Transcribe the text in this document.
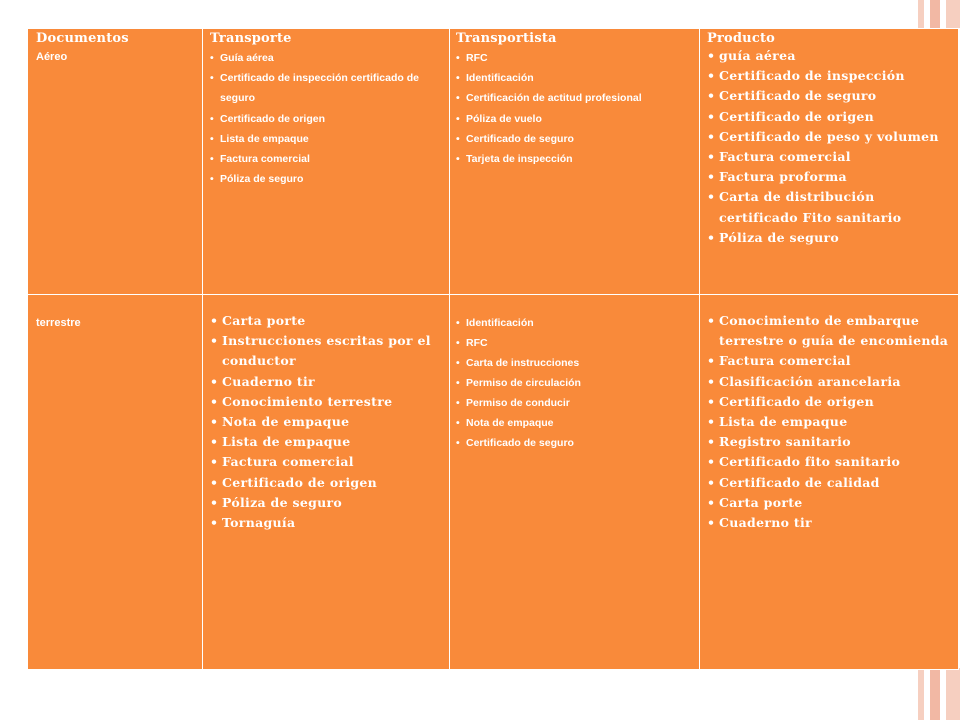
Documentos
Aéreo
Transporte
• Guía aérea
• Certificado de inspección certificado de seguro
• Certificado de origen
• Lista de empaque
• Factura comercial
• Póliza de seguro
Transportista
• RFC
• Identificación
• Certificación de actitud profesional
• Póliza de vuelo
• Certificado de seguro
• Tarjeta de inspección
Producto
• guía aérea
• Certificado de inspección
• Certificado de seguro
• Certificado de origen
• Certificado de peso y volumen
• Factura comercial
• Factura proforma
• Carta de distribución certificado Fito sanitario
• Póliza de seguro
terrestre
•	Carta porte
• Instrucciones escritas por el conductor
• Cuaderno tir
• Conocimiento terrestre
• Nota de empaque
• Lista de empaque
• Factura comercial
• Certificado de origen
• Póliza de seguro
• Tornaguía
• Identificación
• RFC
• Carta de instrucciones
• Permiso de circulación
• Permiso de conducir
• Nota de empaque
• Certificado de seguro
• Conocimiento de embarque terrestre o guía de encomienda
• Factura comercial
• Clasificación arancelaria
• Certificado de origen
• Lista de empaque
• Registro sanitario
• Certificado fito sanitario
• Certificado de calidad
• Carta porte
• Cuaderno tir
